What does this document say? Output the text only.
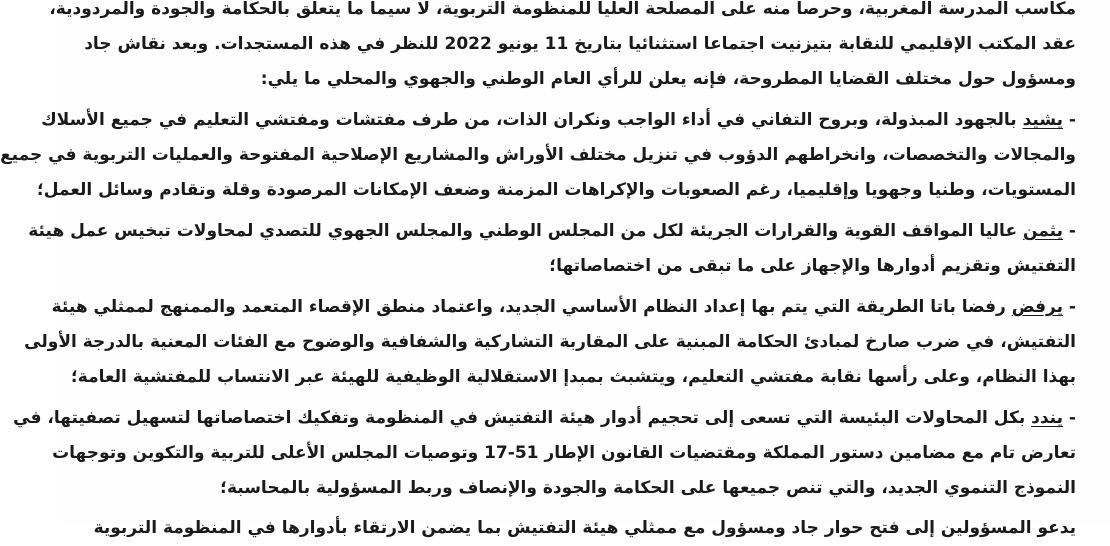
مكاسب المدرسة المغربية، وحرصا منه على المصلحة العليا للمنظومة التربوية، لا سيما ما يتعلق بالحكامة والجودة والمردودية،
عقد المكتب الإقليمي للنقابة بتيزنيت اجتماعا استثنائيا بتاريخ 11 يونيو 2022 للنظر في هذه المستجدات. وبعد نقاش جاد
ومسؤول حول مختلف القضايا المطروحة، فإنه يعلن للرأي العام الوطني والجهوي والمحلي ما يلي:
- يشيد بالجهود المبذولة، وبروح التفاني في أداء الواجب ونكران الذات، من طرف مفتشات ومفتشي التعليم في جميع الأسلاك
والمجالات والتخصصات، وانخراطهم الدؤوب في تنزيل مختلف الأوراش والمشاريع الإصلاحية المفتوحة والعمليات التربوية في جميع
المستويات، وطنيا وجهويا وإقليميا، رغم الصعوبات والإكراهات المزمنة وضعف الإمكانات المرصودة وقلة وتقادم وسائل العمل؛
- يثمن عاليا المواقف القوية والقرارات الجريئة لكل من المجلس الوطني والمجلس الجهوي للتصدي لمحاولات تبخيس عمل هيئة
التفتيش وتقزيم أدوارها والإجهاز على ما تبقى من اختصاصاتها؛
- يرفض رفضا باتا الطريقة التي يتم بها إعداد النظام الأساسي الجديد، واعتماد منطق الإقصاء المتعمد والممنهج لممثلي هيئة
التفتيش، في ضرب صارخ لمبادئ الحكامة المبنية على المقاربة التشاركية والشفافية والوضوح مع الفئات المعنية بالدرجة الأولى
بهذا النظام، وعلى رأسها نقابة مفتشي التعليم، ويتشبث بمبدإ الاستقلالية الوظيفية للهيئة عبر الانتساب للمفتشية العامة؛
- يندد بكل المحاولات البئيسة التي تسعى إلى تحجيم أدوار هيئة التفتيش في المنظومة وتفكيك اختصاصاتها لتسهيل تصفيتها، في
تعارض تام مع مضامين دستور المملكة ومقتضيات القانون الإطار 51-17 وتوصيات المجلس الأعلى للتربية والتكوين وتوجهات
النموذج التنموي الجديد، والتي تنص جميعها على الحكامة والجودة والإنصاف وربط المسؤولية بالمحاسبة؛
يدعو المسؤولين إلى فتح حوار جاد ومسؤول مع ممثلي هيئة التفتيش بما يضمن الارتقاء بأدوارها في المنظومة التربوية
